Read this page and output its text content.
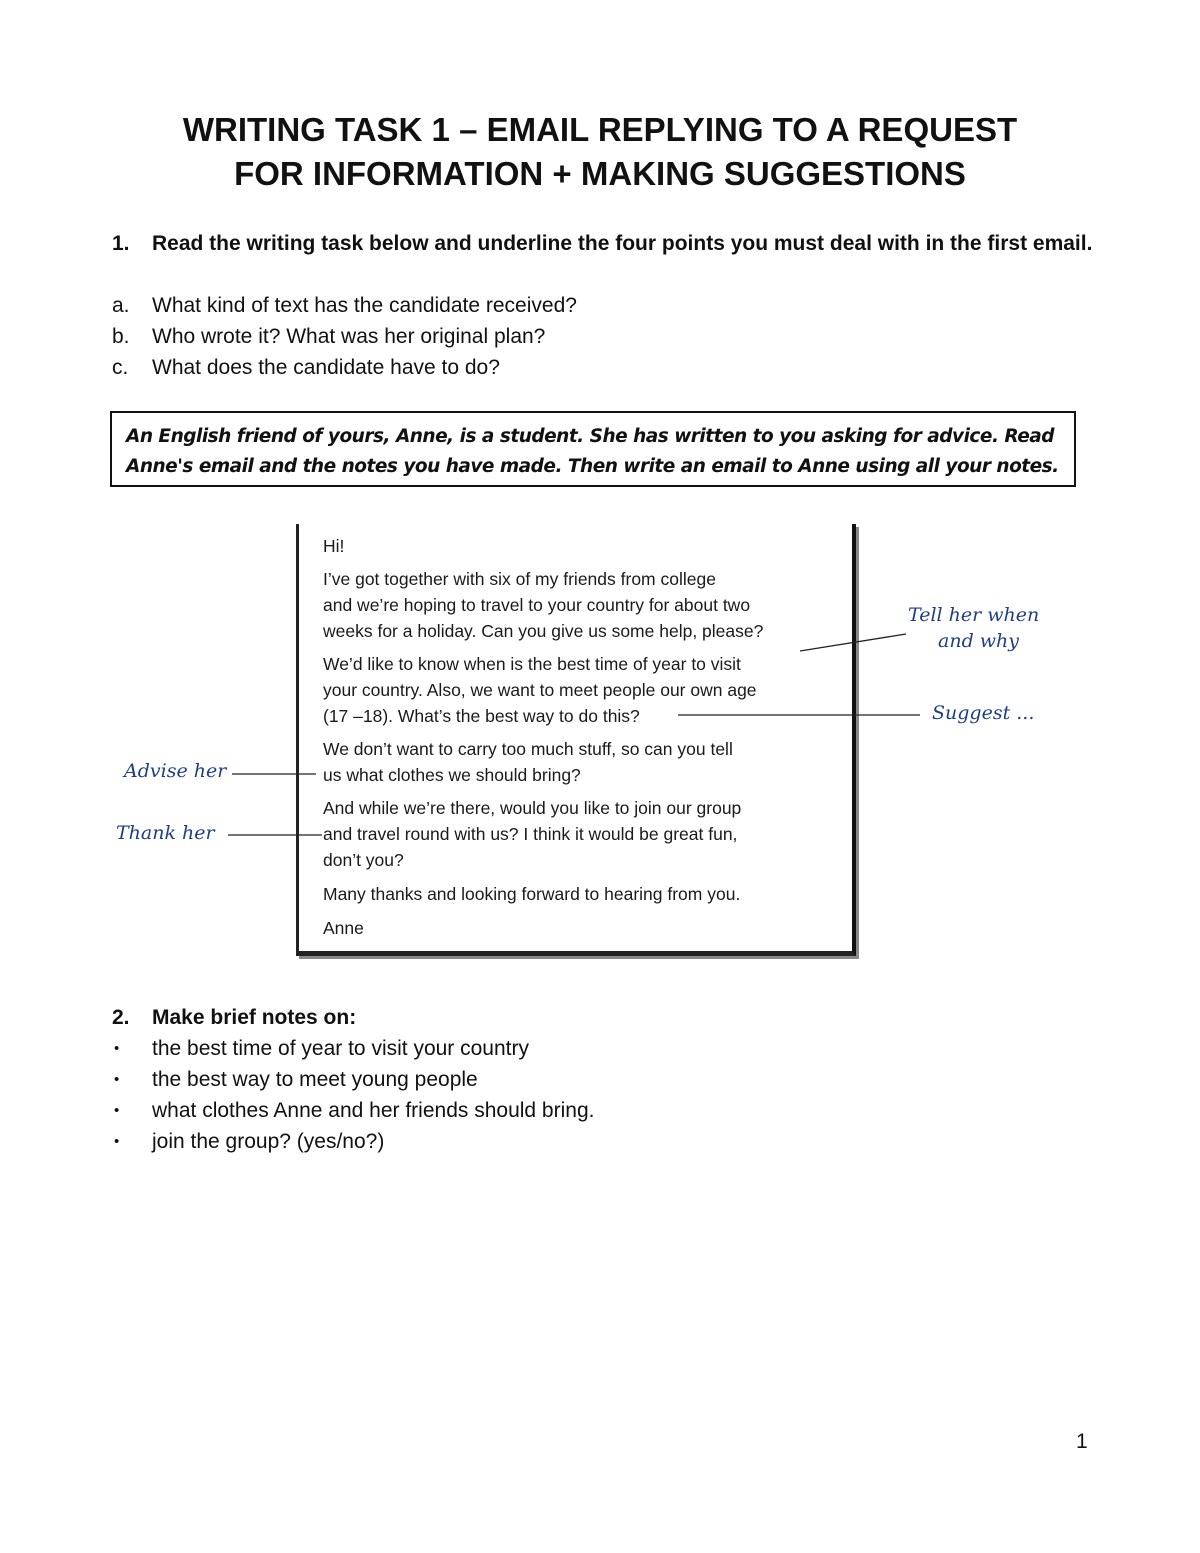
WRITING TASK 1 – EMAIL REPLYING TO A REQUEST
FOR INFORMATION + MAKING SUGGESTIONS
1. Read the writing task below and underline the four points you must deal with in the first email.
a. What kind of text has the candidate received?
b. Who wrote it? What was her original plan?
c. What does the candidate have to do?
An English friend of yours, Anne, is a student. She has written to you asking for advice. Read
Anne's email and the notes you have made. Then write an email to Anne using all your notes.
Hi!
I’ve got together with six of my friends from college
and we’re hoping to travel to your country for about two
weeks for a holiday. Can you give us some help, please?
We’d like to know when is the best time of year to visit
your country. Also, we want to meet people our own age
(17 –18). What’s the best way to do this?
We don’t want to carry too much stuff, so can you tell
us what clothes we should bring?
And while we’re there, would you like to join our group
and travel round with us? I think it would be great fun,
don’t you?
Many thanks and looking forward to hearing from you.
Anne
Tell her when
and why
Suggest ...
Advise her
Thank her
2. Make brief notes on:
• the best time of year to visit your country
• the best way to meet young people
• what clothes Anne and her friends should bring.
• join the group? (yes/no?)
1
